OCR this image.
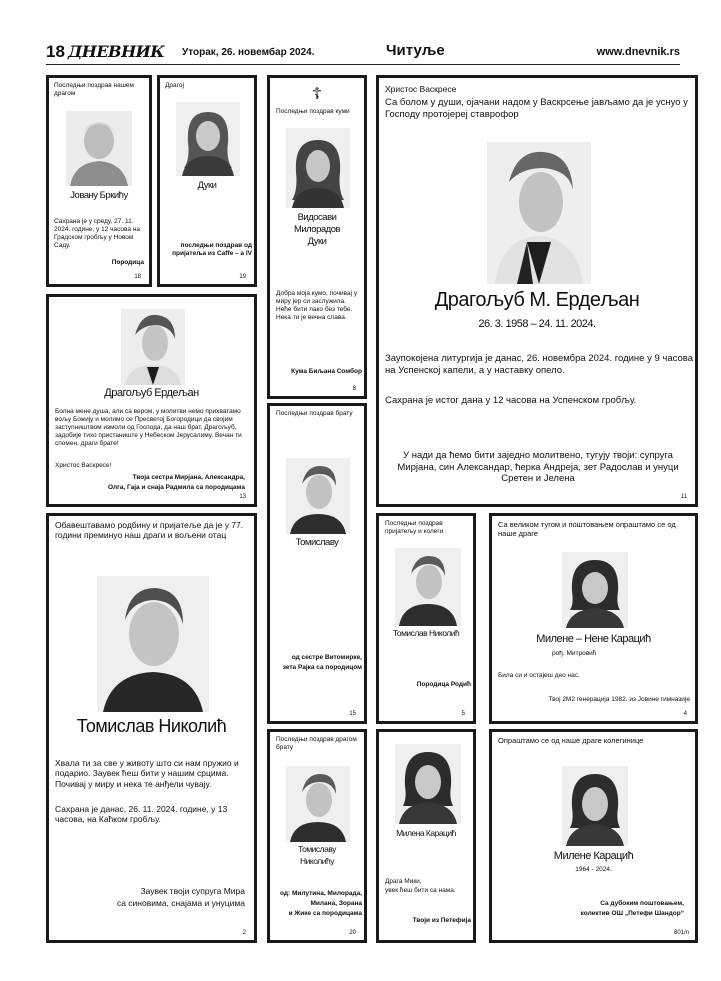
18 ДНЕВНИК Уторак, 26. новембар 2024.	Читуље	www.dnevnik.rs
Последњи поздрав нашем драгом
Јовану Бркићу
Сахрана је у среду, 27. 11. 2024. године, у 12 часова на Градском гробљу у Новом Саду.
Породица
18
Драгој
Дуки
последњи поздрав од пријатеља из Caffe – a IV
19
☦
Последњи поздрав куми
Видосави
Милорадов
Дуки
Добра моја кумо, почивај у миру јер си заслужила. Неће бити лако без тебе. Нека ти је вечна слава.
Кума Биљана Сомбор
8
Христос Васкресе
Са болом у души, ојачани надом у Васкрсење јављамо да је уснуо у Господу протојереј ставрофор
Драгољуб М. Ердељан
26. 3. 1958 – 24. 11. 2024.
Заупокојена литургија је данас, 26. новембра 2024. године у 9 часова на Успенској капели, а у наставку опело.
Сахрана је истог дана у 12 часова на Успенском гробљу.
У нади да ћемо бити заједно молитвено, тугују твоји: супруга Мирјана, син Александар, ћерка Андреја, зет Радослав и унуци Сретен и Јелена
11
Драгољуб Ердељан
Болна мене душа, али са вером, у молитви немо прихватамо вољу Божију и молимо се Пресветој Богородици да својим заступништвом измоли од Господа, да наш брат, Драгољуб, задобије тихо пристаниште у Небеском Јерусалиму. Вечан ти спомен, драги брате!
Христос Васкресе!
Твоја сестра Мирјана, Александра,
Олга, Гаја и снаја Радмила са породицама
13
Последњи поздрав брату
Томиславу
од сестре Витомирке,
зета Рајка са породицом
15
Обавештавамо родбину и пријатеље да је у 77. години преминуо наш драги и вољени отац
Томислав Николић
Хвала ти за све у животу што си нам пружио и подарио. Заувек ћеш бити у нашим срцима. Почивај у миру и нека те анђели чувају.
Сахрана је данас, 26. 11. 2024. године, у 13 часова, на Каћком гробљу.
Заувек твоји супруга Мира
са синовима, снајама и унуцима
2
Последњи поздрав пријатељу и колеги
Томислав Николић
Породица Родић
5
Са великом тугом и поштовањем опраштамо се од наше драге
Милене – Нене Карацић
рођ. Митровић
Била си и остајеш део нас.
Твој 2M2 генерација 1982. из Јовине гимназије
4
Последњи поздрав драгом брату
Томиславу
Николићу
од: Милутина, Милорада,
Милана, Зорана
и Жике са породицама
20
Милена Карацић
Драга Мики,
увек ћеш бити са нама.
Твоји из Петефија
Опраштамо се од наше драге колегинице
Милене Карацић
1964 - 2024.
Са дубоким поштовањем,
колектив ОШ „Петефи Шандор“
801/n
